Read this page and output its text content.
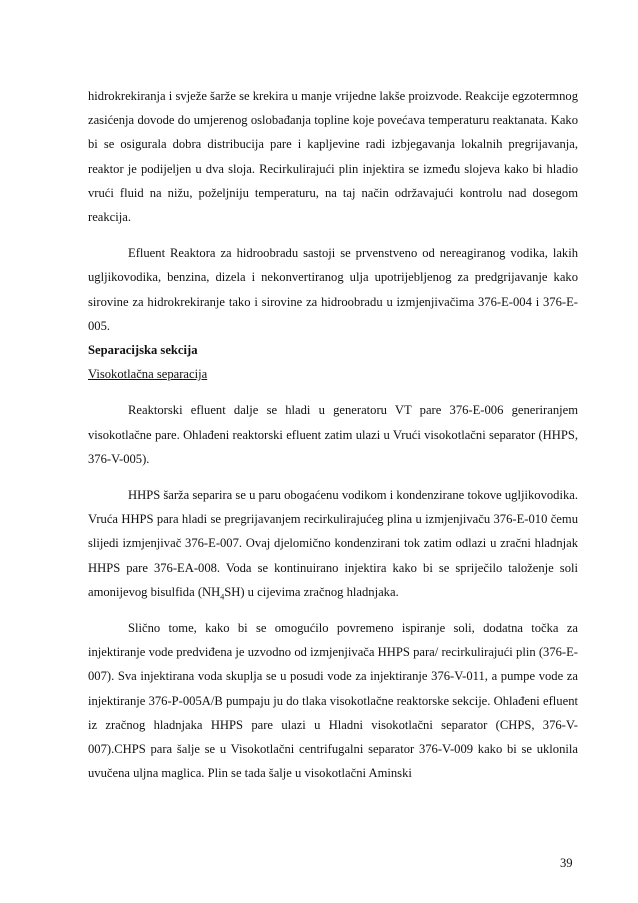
hidrokrekiranja i svježe šarže se krekira u manje vrijedne lakše proizvode. Reakcije egzotermnog zasićenja dovode do umjerenog oslobađanja topline koje povećava temperaturu reaktanata. Kako bi se osigurala dobra distribucija pare i kapljevine radi izbjegavanja lokalnih pregrijavanja, reaktor je podijeljen u dva sloja. Recirkulirajući plin injektira se između slojeva kako bi hladio vrući fluid na nižu, poželjniju temperaturu, na taj način održavajući kontrolu nad dosegom reakcija.

Efluent Reaktora za hidroobradu sastoji se prvenstveno od nereagiranog vodika, lakih ugljikovodika, benzina, dizela i nekonvertiranog ulja upotrijebljenog za predgrijavanje kako sirovine za hidrokrekiranje tako i sirovine za hidroobradu u izmjenjivačima 376-E-004 i 376-E-005.

Separacijska sekcija

Visokotlačna separacija

Reaktorski efluent dalje se hladi u generatoru VT pare 376-E-006 generiranjem visokotlačne pare. Ohlađeni reaktorski efluent zatim ulazi u Vrući visokotlačni separator (HHPS, 376-V-005).

HHPS šarža separira se u paru obogaćenu vodikom i kondenzirane tokove ugljikovodika. Vruća HHPS para hladi se pregrijavanjem recirkulirajućeg plina u izmjenjivaču 376-E-010 čemu slijedi izmjenjivač 376-E-007. Ovaj djelomično kondenzirani tok zatim odlazi u zračni hladnjak HHPS pare 376-EA-008. Voda se kontinuirano injektira kako bi se spriječilo taloženje soli amonijevog bisulfida $(NH_4SH)$ u cijevima zračnog hladnjaka.

Slično tome, kako bi se omogućilo povremeno ispiranje soli, dodatna točka za injektiranje vode predviđena je uzvodno od izmjenjivača HHPS para/ recirkulirajući plin (376-E-007). Sva injektirana voda skuplja se u posudi vode za injektiranje 376-V-011, a pumpe vode za injektiranje 376-P-005A/B pumpaju ju do tlaka visokotlačne reaktorske sekcije. Ohlađeni efluent iz zračnog hladnjaka HHPS pare ulazi u Hladni visokotlačni separator (CHPS, 376-V-007).CHPS para šalje se u Visokotlačni centrifugalni separator 376-V-009 kako bi se uklonila uvučena uljna maglica. Plin se tada šalje u visokotlačni Aminski

39
